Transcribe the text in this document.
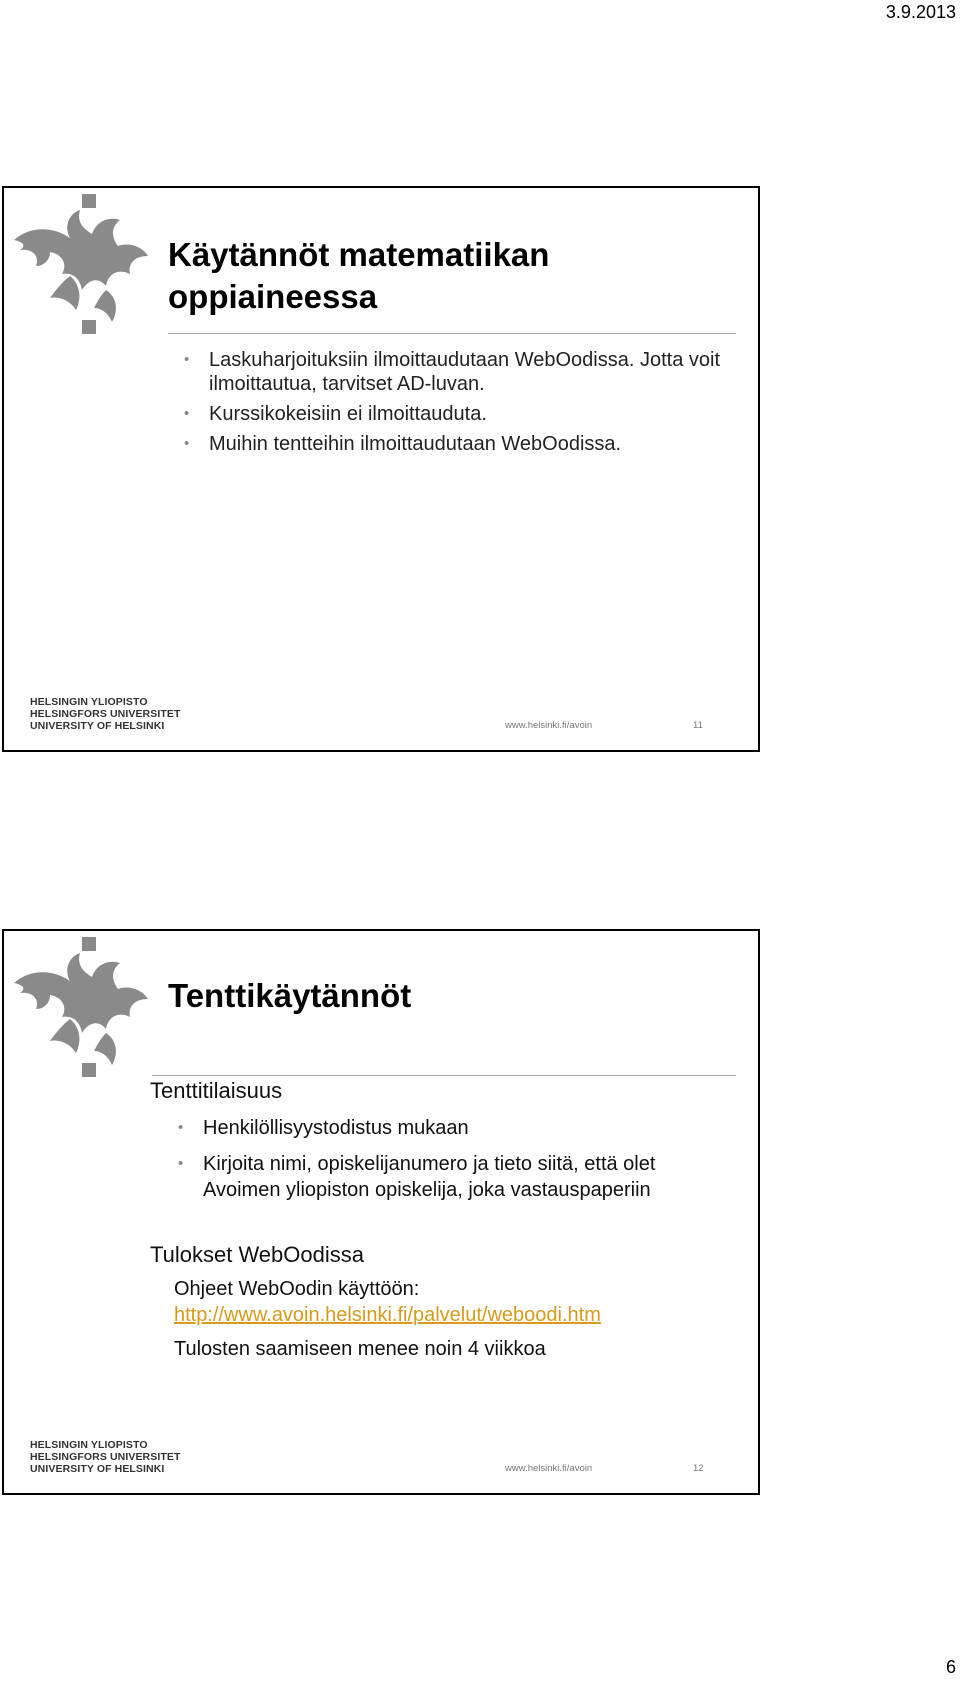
3.9.2013
Käytännöt matematiikan oppiaineessa
• Laskuharjoituksiin ilmoittaudutaan WebOodissa. Jotta voit ilmoittautua, tarvitset AD-luvan.
• Kurssikokeisiin ei ilmoittauduta.
• Muihin tentteihin ilmoittaudutaan WebOodissa.
HELSINGIN YLIOPISTO
HELSINGFORS UNIVERSITET
UNIVERSITY OF HELSINKI	www.helsinki.fi/avoin	11
Tenttikäytännöt
Tenttitilaisuus
• Henkilöllisyystodistus mukaan
• Kirjoita nimi, opiskelijanumero ja tieto siitä, että olet Avoimen yliopiston opiskelija, joka vastauspaperiin
Tulokset WebOodissa
Ohjeet WebOodin käyttöön:
http://www.avoin.helsinki.fi/palvelut/weboodi.htm
Tulosten saamiseen menee noin 4 viikkoa
HELSINGIN YLIOPISTO
HELSINGFORS UNIVERSITET
UNIVERSITY OF HELSINKI	www.helsinki.fi/avoin	12
6
